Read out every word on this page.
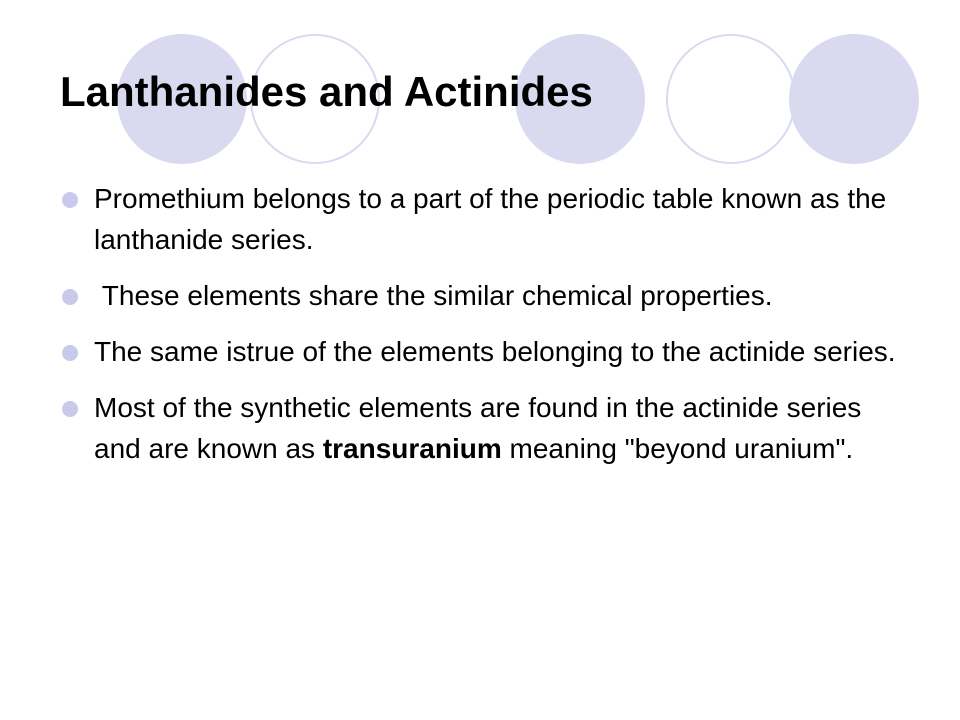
Lanthanides and Actinides
Promethium belongs to a part of the periodic table known as the lanthanide series.
These elements share the similar chemical properties.
The same istrue of the elements belonging to the actinide series.
Most of the synthetic elements are found in the actinide series and are known as transuranium meaning "beyond uranium".
